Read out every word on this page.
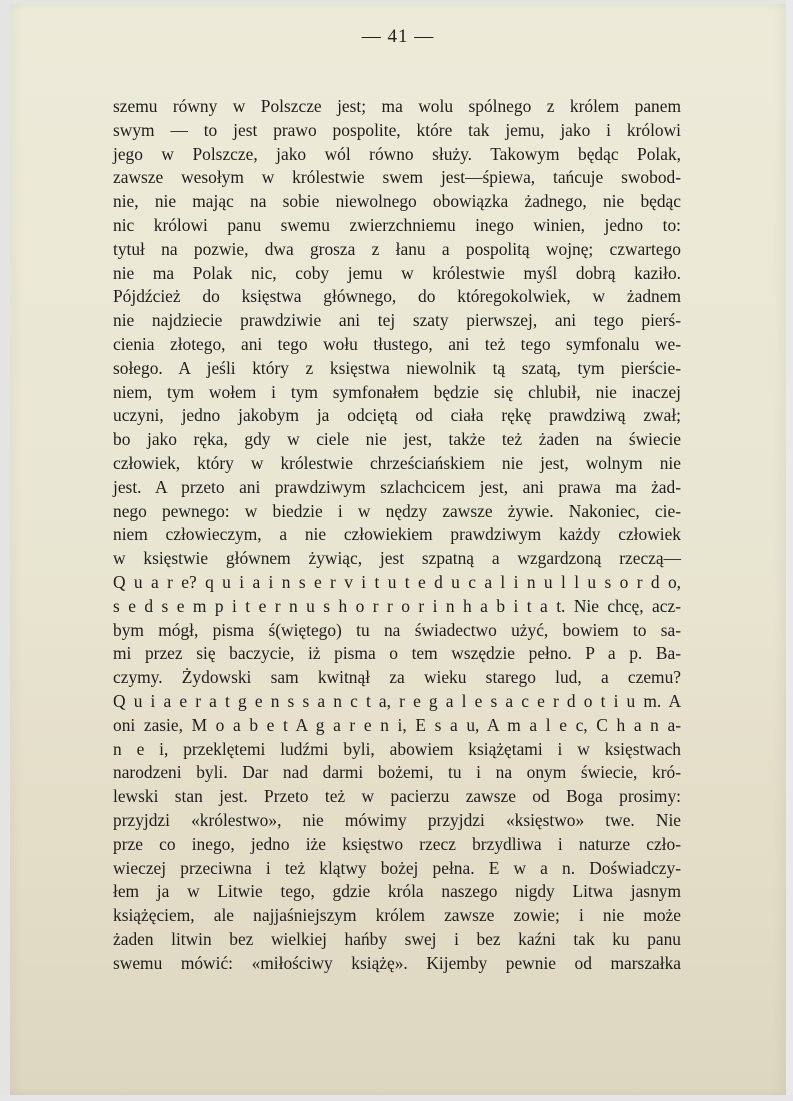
— 41 —
szemu równy w Polszcze jest; ma wolu spólnego z królem panem
swym — to jest prawo pospolite, które tak jemu, jako i królowi
jego w Polszcze, jako wól równo służy. Takowym będąc Polak,
zawsze wesołym w królestwie swem jest—śpiewa, tańcuje swobod-
nie, nie mając na sobie niewolnego obowiązka żadnego, nie będąc
nic królowi panu swemu zwierzchniemu inego winien, jedno to:
tytuł na pozwie, dwa grosza z łanu a pospolitą wojnę; czwartego
nie ma Polak nic, coby jemu w królestwie myśl dobrą kaziło.
Pójdźcież do księstwa głównego, do któregokolwiek, w żadnem
nie najdziecie prawdziwie ani tej szaty pierwszej, ani tego pierś-
cienia złotego, ani tego wołu tłustego, ani też tego symfonalu we-
sołego. A jeśli który z księstwa niewolnik tą szatą, tym pierście-
niem, tym wołem i tym symfonałem będzie się chlubił, nie inaczej
uczyni, jedno jakobym ja odciętą od ciała rękę prawdziwą zwał;
bo jako ręka, gdy w ciele nie jest, także też żaden na świecie
człowiek, który w królestwie chrześciańskiem nie jest, wolnym nie
jest. A przeto ani prawdziwym szlachcicem jest, ani prawa ma żad-
nego pewnego: w biedzie i w nędzy zawsze żywie. Nakoniec, cie-
niem człowieczym, a nie człowiekiem prawdziwym każdy człowiek
w księstwie głównem żywiąc, jest szpatną a wzgardzoną rzeczą—
Q u a r e? q u i a i n s e r v i t u t e d u c a l i n u l l u s o r d o,
s e d s e m p i t e r n u s h o r r o r i n h a b i t a t. Nie chcę, acz-
bym mógł, pisma ś(więtego) tu na świadectwo użyć, bowiem to sa-
mi przez się baczycie, iż pisma o tem wszędzie pełno. P a p. Ba-
czymy. Żydowski sam kwitnął za wieku starego lud, a czemu?
Q u i a e r a t g e n s s a n c t a, r e g a l e s a c e r d o t i u m. A
oni zasie, M o a b e t A g a r e n i, E s a u, A m a l e c, C h a n a-
n e i, przeklętemi ludźmi byli, abowiem książętami i w księstwach
narodzeni byli. Dar nad darmi bożemi, tu i na onym świecie, kró-
lewski stan jest. Przeto też w pacierzu zawsze od Boga prosimy:
przyjdzi «królestwo», nie mówimy przyjdzi «księstwo» twe. Nie
prze co inego, jedno iże księstwo rzecz brzydliwa i naturze czło-
wieczej przeciwna i też klątwy bożej pełna. E w a n. Doświadczy-
łem ja w Litwie tego, gdzie króla naszego nigdy Litwa jasnym
książęciem, ale najjaśniejszym królem zawsze zowie; i nie może
żaden litwin bez wielkiej hańby swej i bez kaźni tak ku panu
swemu mówić: «miłościwy książę». Kijemby pewnie od marszałka
